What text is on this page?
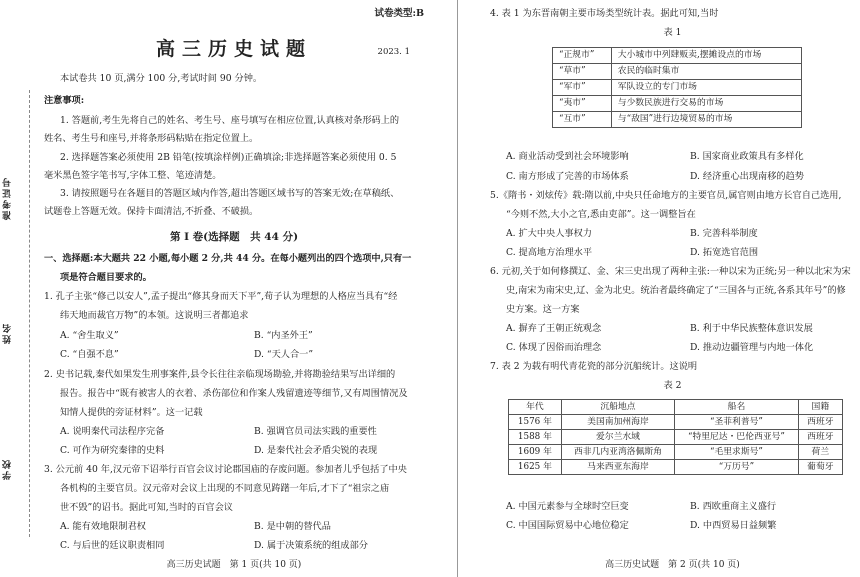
准考证号
姓名
学校
试卷类型:B
高三历史试题	2023. 1
本试卷共 10 页,满分 100 分,考试时间 90 分钟。
注意事项:
1. 答题前,考生先将自己的姓名、考生号、座号填写在相应位置,认真核对条形码上的
姓名、考生号和座号,并将条形码粘贴在指定位置上。
2. 选择题答案必须使用 2B 铅笔(按填涂样例)正确填涂;非选择题答案必须使用 0. 5
毫米黑色签字笔书写,字体工整、笔迹清楚。
3. 请按照题号在各题目的答题区域内作答,超出答题区域书写的答案无效;在草稿纸、
试题卷上答题无效。保持卡面清洁,不折叠、不破损。
第 Ⅰ 卷(选择题　共 44 分)
一、选择题:本大题共 22 小题,每小题 2 分,共 44 分。在每小题列出的四个选项中,只有一
项是符合题目要求的。
1. 孔子主张“修己以安人”,孟子提出“修其身而天下平”,荀子认为理想的人格应当具有“经
纬天地而裁官万物”的本领。这说明三者都追求
A. “舍生取义”	B. “内圣外王”
C. “自强不息”	D. “天人合一”
2. 史书记载,秦代如果发生刑事案件,县令长往往亲临现场勘验,并将勘验结果写出详细的
报告。报告中“既有被害人的衣着、杀伤部位和作案人残留遗迹等细节,又有周围情况及
知情人提供的旁证材料”。这一记载
A. 说明秦代司法程序完备	B. 强调官员司法实践的重要性
C. 可作为研究秦律的史料	D. 是秦代社会矛盾尖锐的表现
3. 公元前 40 年,汉元帝下诏举行百官会议讨论郡国庙的存废问题。参加者儿乎包括了中央
各机构的主要官员。汉元帝对会议上出现的不同意见踌躇一年后,才下了“祖宗之庙
世不毁”的诏书。据此可知,当时的百官会议
A. 能有效地限制君权	B. 是中朝的替代品
C. 与后世的廷议职责相同	D. 属于决策系统的组成部分
高三历史试题　第 1 页(共 10 页)
4. 表 1 为东晋南朝主要市场类型统计表。据此可知,当时
表 1
“正规市”	大小城市中列肆贩卖,摆摊设点的市场
“草市”	农民的临时集市
“军市”	军队设立的专门市场
“夷市”	与少数民族进行交易的市场
“互市”	与“敌国”进行边境贸易的市场
A. 商业活动受到社会环境影响	B. 国家商业政策具有多样化
C. 南方形成了完善的市场体系	D. 经济重心出现南移的趋势
5.《隋书・刘炫传》载:隋以前,中央只任命地方的主要官员,属官则由地方长官自己选用,
“今则不然,大小之官,悉由吏部”。这一调整旨在
A. 扩大中央人事权力	B. 完善科举制度
C. 提高地方治理水平	D. 拓宽选官范围
6. 元初,关于如何修撰辽、金、宋三史出现了两种主张:一种以宋为正统;另一种以北宋为宋
史,南宋为南宋史,辽、金为北史。统治者最终确定了“三国各与正统,各系其年号”的修
史方案。这一方案
A. 摒弃了王朝正统观念	B. 利于中华民族整体意识发展
C. 体现了因俗而治理念	D. 推动边疆管理与内地一体化
7. 表 2 为载有明代青花瓷的部分沉船统计。这说明
表 2
年代	沉船地点	船名	国籍
1576 年	美国南加州海岸	“圣菲利普号”	西班牙
1588 年	爱尔兰水域	“特里尼达・巴伦西亚号”	西班牙
1609 年	西非几内亚湾洛佩斯角	“毛里求斯号”	荷兰
1625 年	马来西亚东海岸	“万历号”	葡萄牙
A. 中国元素参与全球时空巨变	B. 西欧重商主义盛行
C. 中国国际贸易中心地位稳定	D. 中西贸易日益频繁
高三历史试题　第 2 页(共 10 页)
